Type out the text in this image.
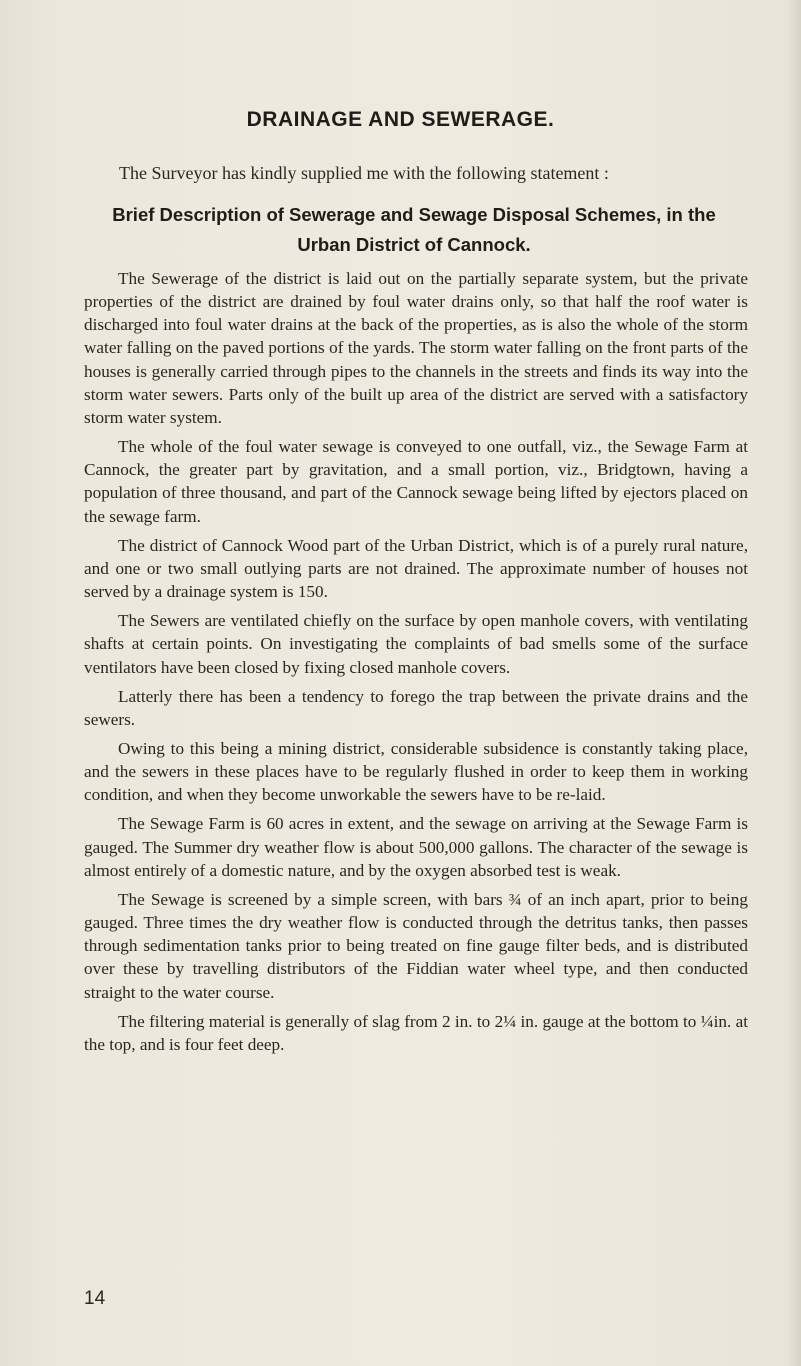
DRAINAGE AND SEWERAGE.
The Surveyor has kindly supplied me with the following statement :
Brief Description of Sewerage and Sewage Disposal Schemes, in the Urban District of Cannock.

The Sewerage of the district is laid out on the partially separate system, but the private properties of the district are drained by foul water drains only, so that half the roof water is discharged into foul water drains at the back of the properties, as is also the whole of the storm water falling on the paved portions of the yards. The storm water falling on the front parts of the houses is generally carried through pipes to the channels in the streets and finds its way into the storm water sewers. Parts only of the built up area of the district are served with a satisfactory storm water system.

The whole of the foul water sewage is conveyed to one outfall, viz., the Sewage Farm at Cannock, the greater part by gravitation, and a small portion, viz., Bridgtown, having a population of three thousand, and part of the Cannock sewage being lifted by ejectors placed on the sewage farm.

The district of Cannock Wood part of the Urban District, which is of a purely rural nature, and one or two small outlying parts are not drained. The approximate number of houses not served by a drainage system is 150.

The Sewers are ventilated chiefly on the surface by open manhole covers, with ventilating shafts at certain points. On investigating the complaints of bad smells some of the surface ventilators have been closed by fixing closed manhole covers.

Latterly there has been a tendency to forego the trap between the private drains and the sewers.

Owing to this being a mining district, considerable subsidence is constantly taking place, and the sewers in these places have to be regularly flushed in order to keep them in working condition, and when they become unworkable the sewers have to be re-laid.

The Sewage Farm is 60 acres in extent, and the sewage on arriving at the Sewage Farm is gauged. The Summer dry weather flow is about 500,000 gallons. The character of the sewage is almost entirely of a domestic nature, and by the oxygen absorbed test is weak.

The Sewage is screened by a simple screen, with bars ¾ of an inch apart, prior to being gauged. Three times the dry weather flow is conducted through the detritus tanks, then passes through sedimentation tanks prior to being treated on fine gauge filter beds, and is distributed over these by travelling distributors of the Fiddian water wheel type, and then conducted straight to the water course.

The filtering material is generally of slag from 2 in. to 2¼ in. gauge at the bottom to ¼in. at the top, and is four feet deep.

14
